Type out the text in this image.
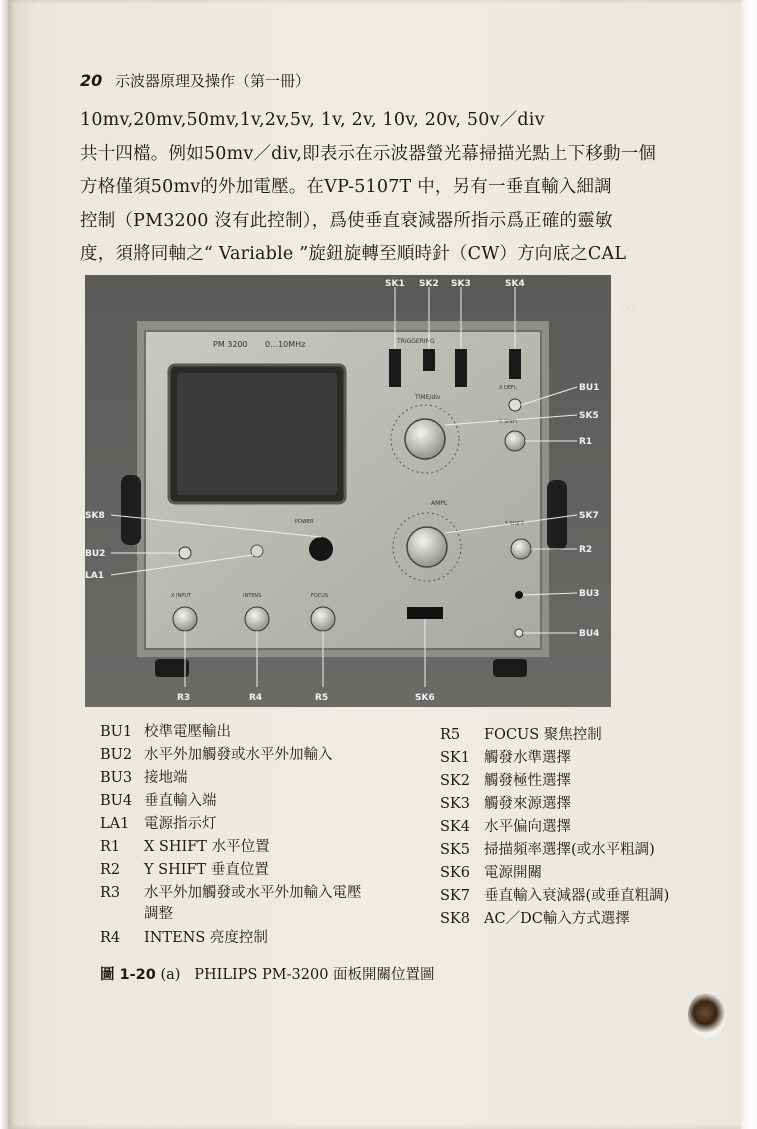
20 示波器原理及操作（第一冊）
10mv,20mv,50mv,1v,2v,5v, 1v, 2v, 10v, 20v, 50v／div
共十四檔。例如50mv／div,即表示在示波器螢光幕掃描光點上下移動一個
方格僅須50mv的外加電壓。在VP-5107T 中，另有一垂直輸入細調
控制（PM3200 沒有此控制），爲使垂直衰減器所指示爲正確的靈敏
度，須將同軸之“ Variable ”旋鈕旋轉至順時針（CW）方向底之CAL
PM 3200 0…10MHz	TRIGGERING
TIME/div
X DEFL
X SHIFT
AMPL
Y SHIFT
POWER
X INPUT	INTENS	FOCUS
SK1 SK2 SK3	SK4
BU1
SK5
R1
SK7
R2
BU3
BU4
SK8
BU2
LA1
R3	R4	R5	SK6
．．．
BU1 校準電壓輸出
BU2 水平外加觸發或水平外加輸入
BU3 接地端
BU4 垂直輸入端
LA1 電源指示灯
R1 X SHIFT 水平位置
R2 Y SHIFT 垂直位置
R3 水平外加觸發或水平外加輸入電壓
調整
R4 INTENS 亮度控制
R5 FOCUS 聚焦控制
SK1 觸發水準選擇
SK2 觸發極性選擇
SK3 觸發來源選擇
SK4 水平偏向選擇
SK5 掃描頻率選擇(或水平粗調)
SK6 電源開關
SK7 垂直輸入衰減器(或垂直粗調)
SK8 AC／DC輸入方式選擇
圖 1-20 (a) PHILIPS PM-3200 面板開關位置圖
